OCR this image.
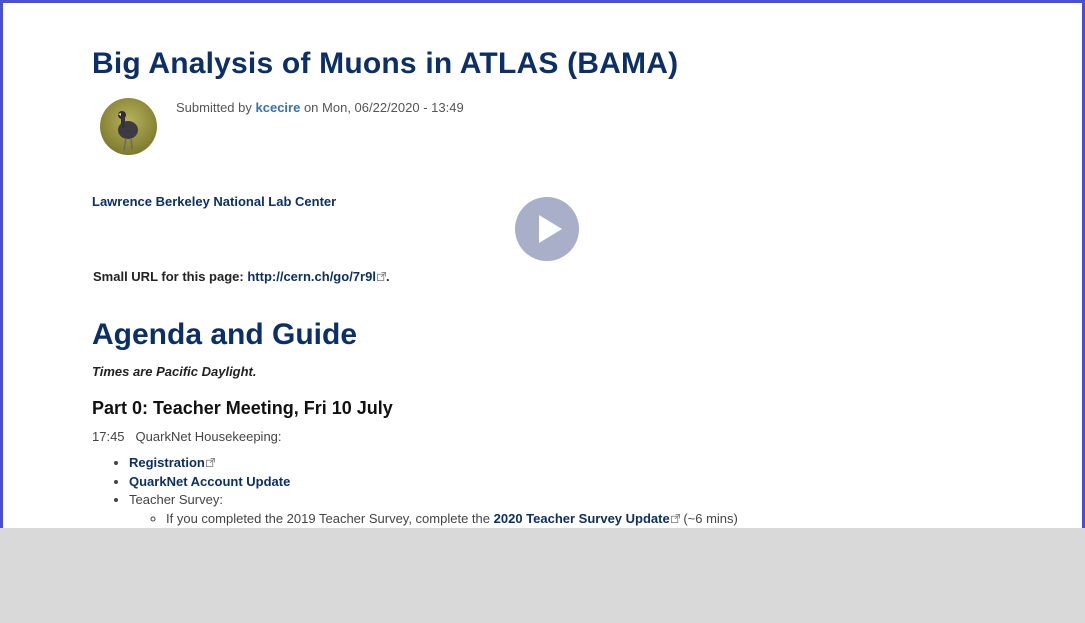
Big Analysis of Muons in ATLAS (BAMA)
Submitted by kcecire on Mon, 06/22/2020 - 13:49
Lawrence Berkeley National Lab Center
Small URL for this page: http://cern.ch/go/7r9l .
Agenda and Guide
Times are Pacific Daylight.
Part 0: Teacher Meeting, Fri 10 July
17:45 QuarkNet Housekeeping:
• Registration
• QuarkNet Account Update
• Teacher Survey:
◦ If you completed the 2019 Teacher Survey, complete the 2020 Teacher Survey Update (~6 mins)
◦
